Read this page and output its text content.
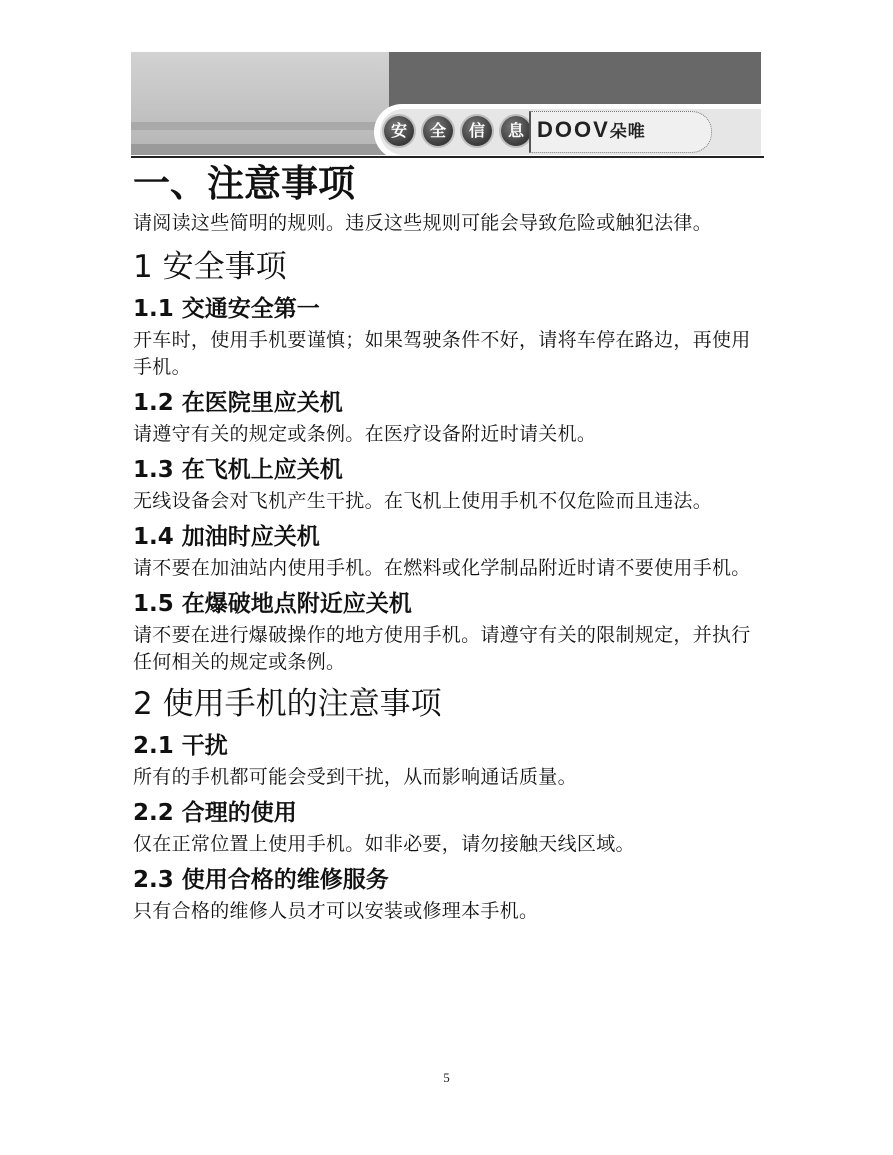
安	全	信	息 DOOV朵唯
一、注意事项

请阅读这些简明的规则。违反这些规则可能会导致危险或触犯法律。

1 安全事项
1.1 交通安全第一

开车时，使用手机要谨慎；如果驾驶条件不好，请将车停在路边，再使用手机。

1.2 在医院里应关机

请遵守有关的规定或条例。在医疗设备附近时请关机。

1.3 在飞机上应关机

无线设备会对飞机产生干扰。在飞机上使用手机不仅危险而且违法。

1.4 加油时应关机

请不要在加油站内使用手机。在燃料或化学制品附近时请不要使用手机。

1.5 在爆破地点附近应关机

请不要在进行爆破操作的地方使用手机。请遵守有关的限制规定，并执行任何相关的规定或条例。

2 使用手机的注意事项
2.1 干扰

所有的手机都可能会受到干扰，从而影响通话质量。

2.2 合理的使用

仅在正常位置上使用手机。如非必要，请勿接触天线区域。

2.3 使用合格的维修服务

只有合格的维修人员才可以安装或修理本手机。

5
